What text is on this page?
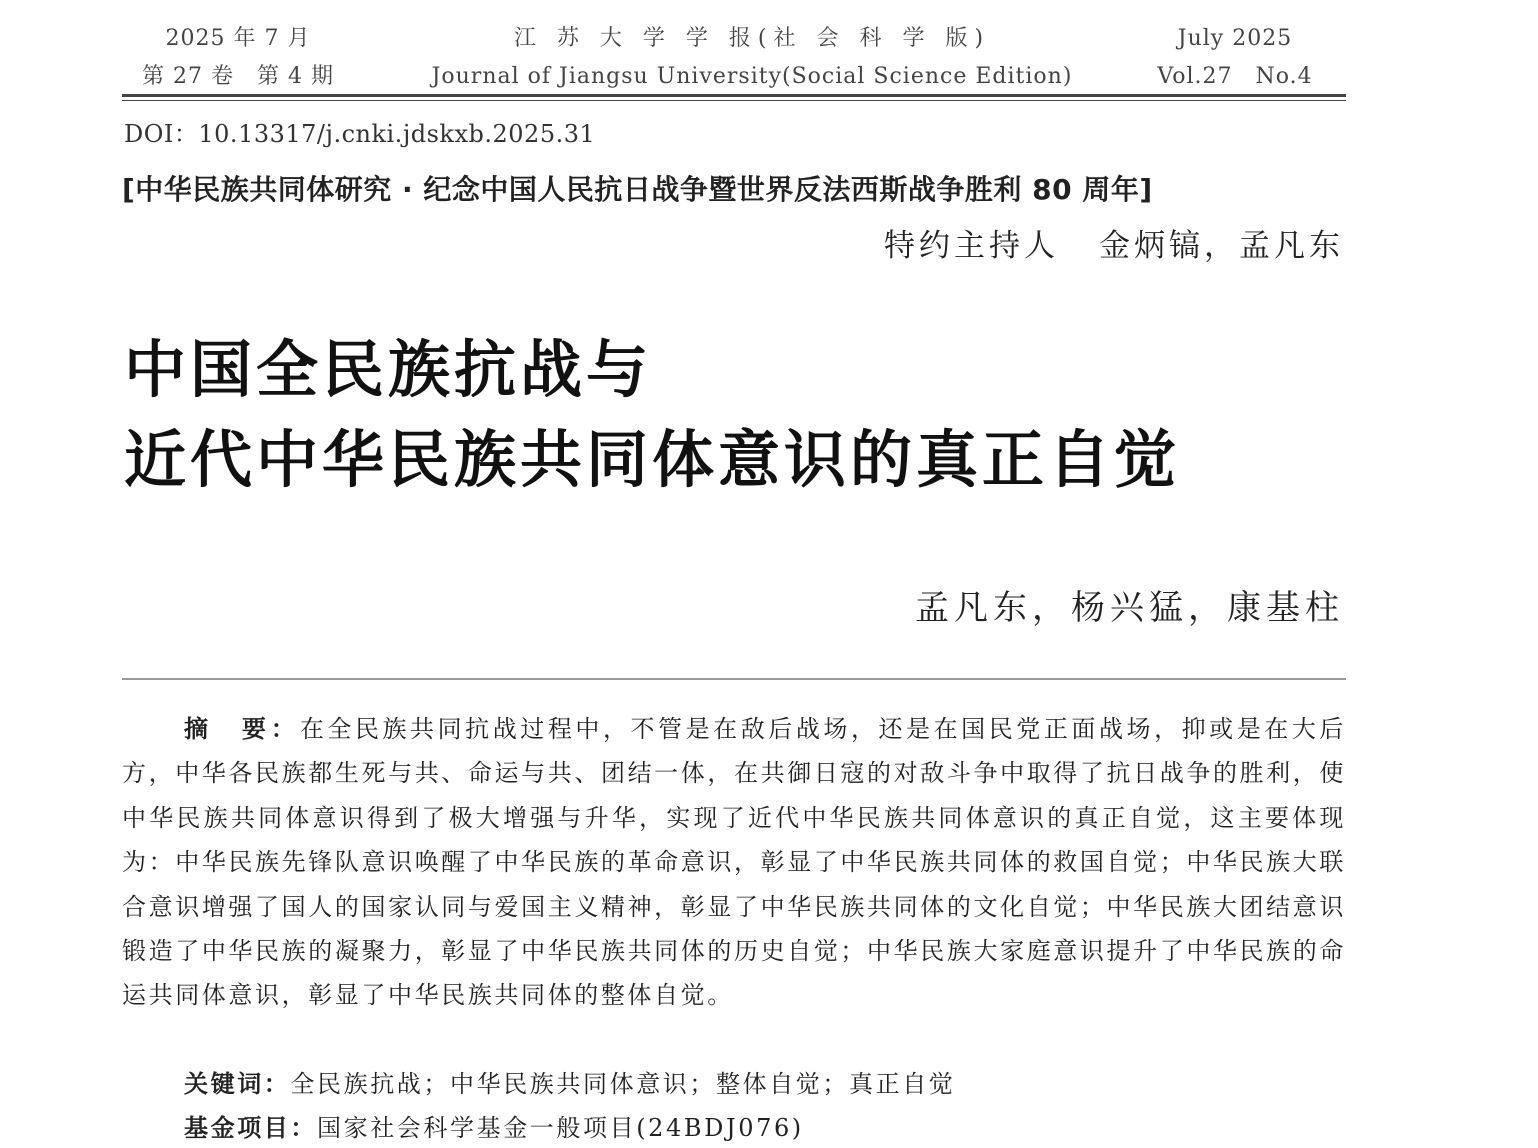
2025 年 7 月
第 27 卷　第 4 期
江 苏 大 学 学 报(社 会 科 学 版)
Journal of Jiangsu University(Social Science Edition)
July 2025
Vol.27　No.4
DOI：10.13317/j.cnki.jdskxb.2025.31
[中华民族共同体研究 · 纪念中国人民抗日战争暨世界反法西斯战争胜利 80 周年]
特约主持人 金炳镐，孟凡东
中国全民族抗战与
近代中华民族共同体意识的真正自觉
孟凡东，杨兴猛，康基柱
摘　要：在全民族共同抗战过程中，不管是在敌后战场，还是在国民党正面战场，抑或是在大后方，中华各民族都生死与共、命运与共、团结一体，在共御日寇的对敌斗争中取得了抗日战争的胜利，使中华民族共同体意识得到了极大增强与升华，实现了近代中华民族共同体意识的真正自觉，这主要体现为：中华民族先锋队意识唤醒了中华民族的革命意识，彰显了中华民族共同体的救国自觉；中华民族大联合意识增强了国人的国家认同与爱国主义精神，彰显了中华民族共同体的文化自觉；中华民族大团结意识锻造了中华民族的凝聚力，彰显了中华民族共同体的历史自觉；中华民族大家庭意识提升了中华民族的命运共同体意识，彰显了中华民族共同体的整体自觉。
关键词：全民族抗战；中华民族共同体意识；整体自觉；真正自觉
基金项目：国家社会科学基金一般项目(24BDJ076)
